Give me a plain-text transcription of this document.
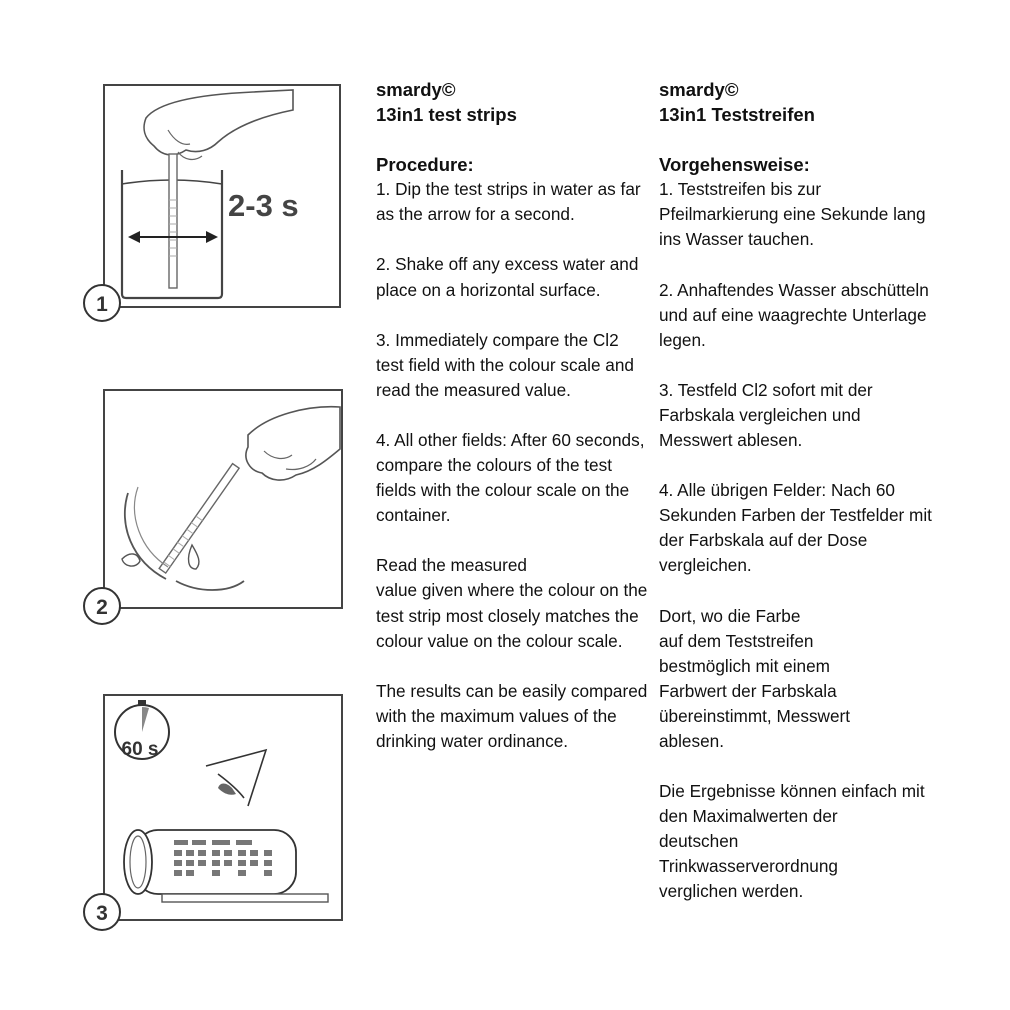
2-3 s
1
2
60 s
3

smardy©

13in1 test strips

Procedure:

1. Dip the test strips in water as far as the arrow for a second.

2. Shake off any excess water and place on a horizontal surface.

3. Immediately compare the Cl2 test field with the colour scale and read the measured value.

4. All other fields: After 60 seconds, compare the colours of the test fields with the colour scale on the container.

Read the measured
value given where the colour on the test strip most closely matches the colour value on the colour scale.

The results can be easily compared with the maximum values of the drinking water ordinance.

smardy©

13in1 Teststreifen

Vorgehensweise:

1. Teststreifen bis zur Pfeilmarkierung eine Sekunde lang ins Wasser tauchen.

2. Anhaftendes Wasser abschütteln und auf eine waagrechte Unterlage legen.

3. Testfeld Cl2 sofort mit der Farbskala vergleichen und Messwert ablesen.

4. Alle übrigen Felder: Nach 60 Sekunden Farben der Testfelder mit der Farbskala auf der Dose vergleichen.

Dort, wo die Farbe
auf dem Teststreifen
bestmöglich mit einem
Farbwert der Farbskala
übereinstimmt, Messwert
ablesen.

Die Ergebnisse können einfach mit den Maximalwerten der
deutschen
Trinkwasserverordnung
verglichen werden.
